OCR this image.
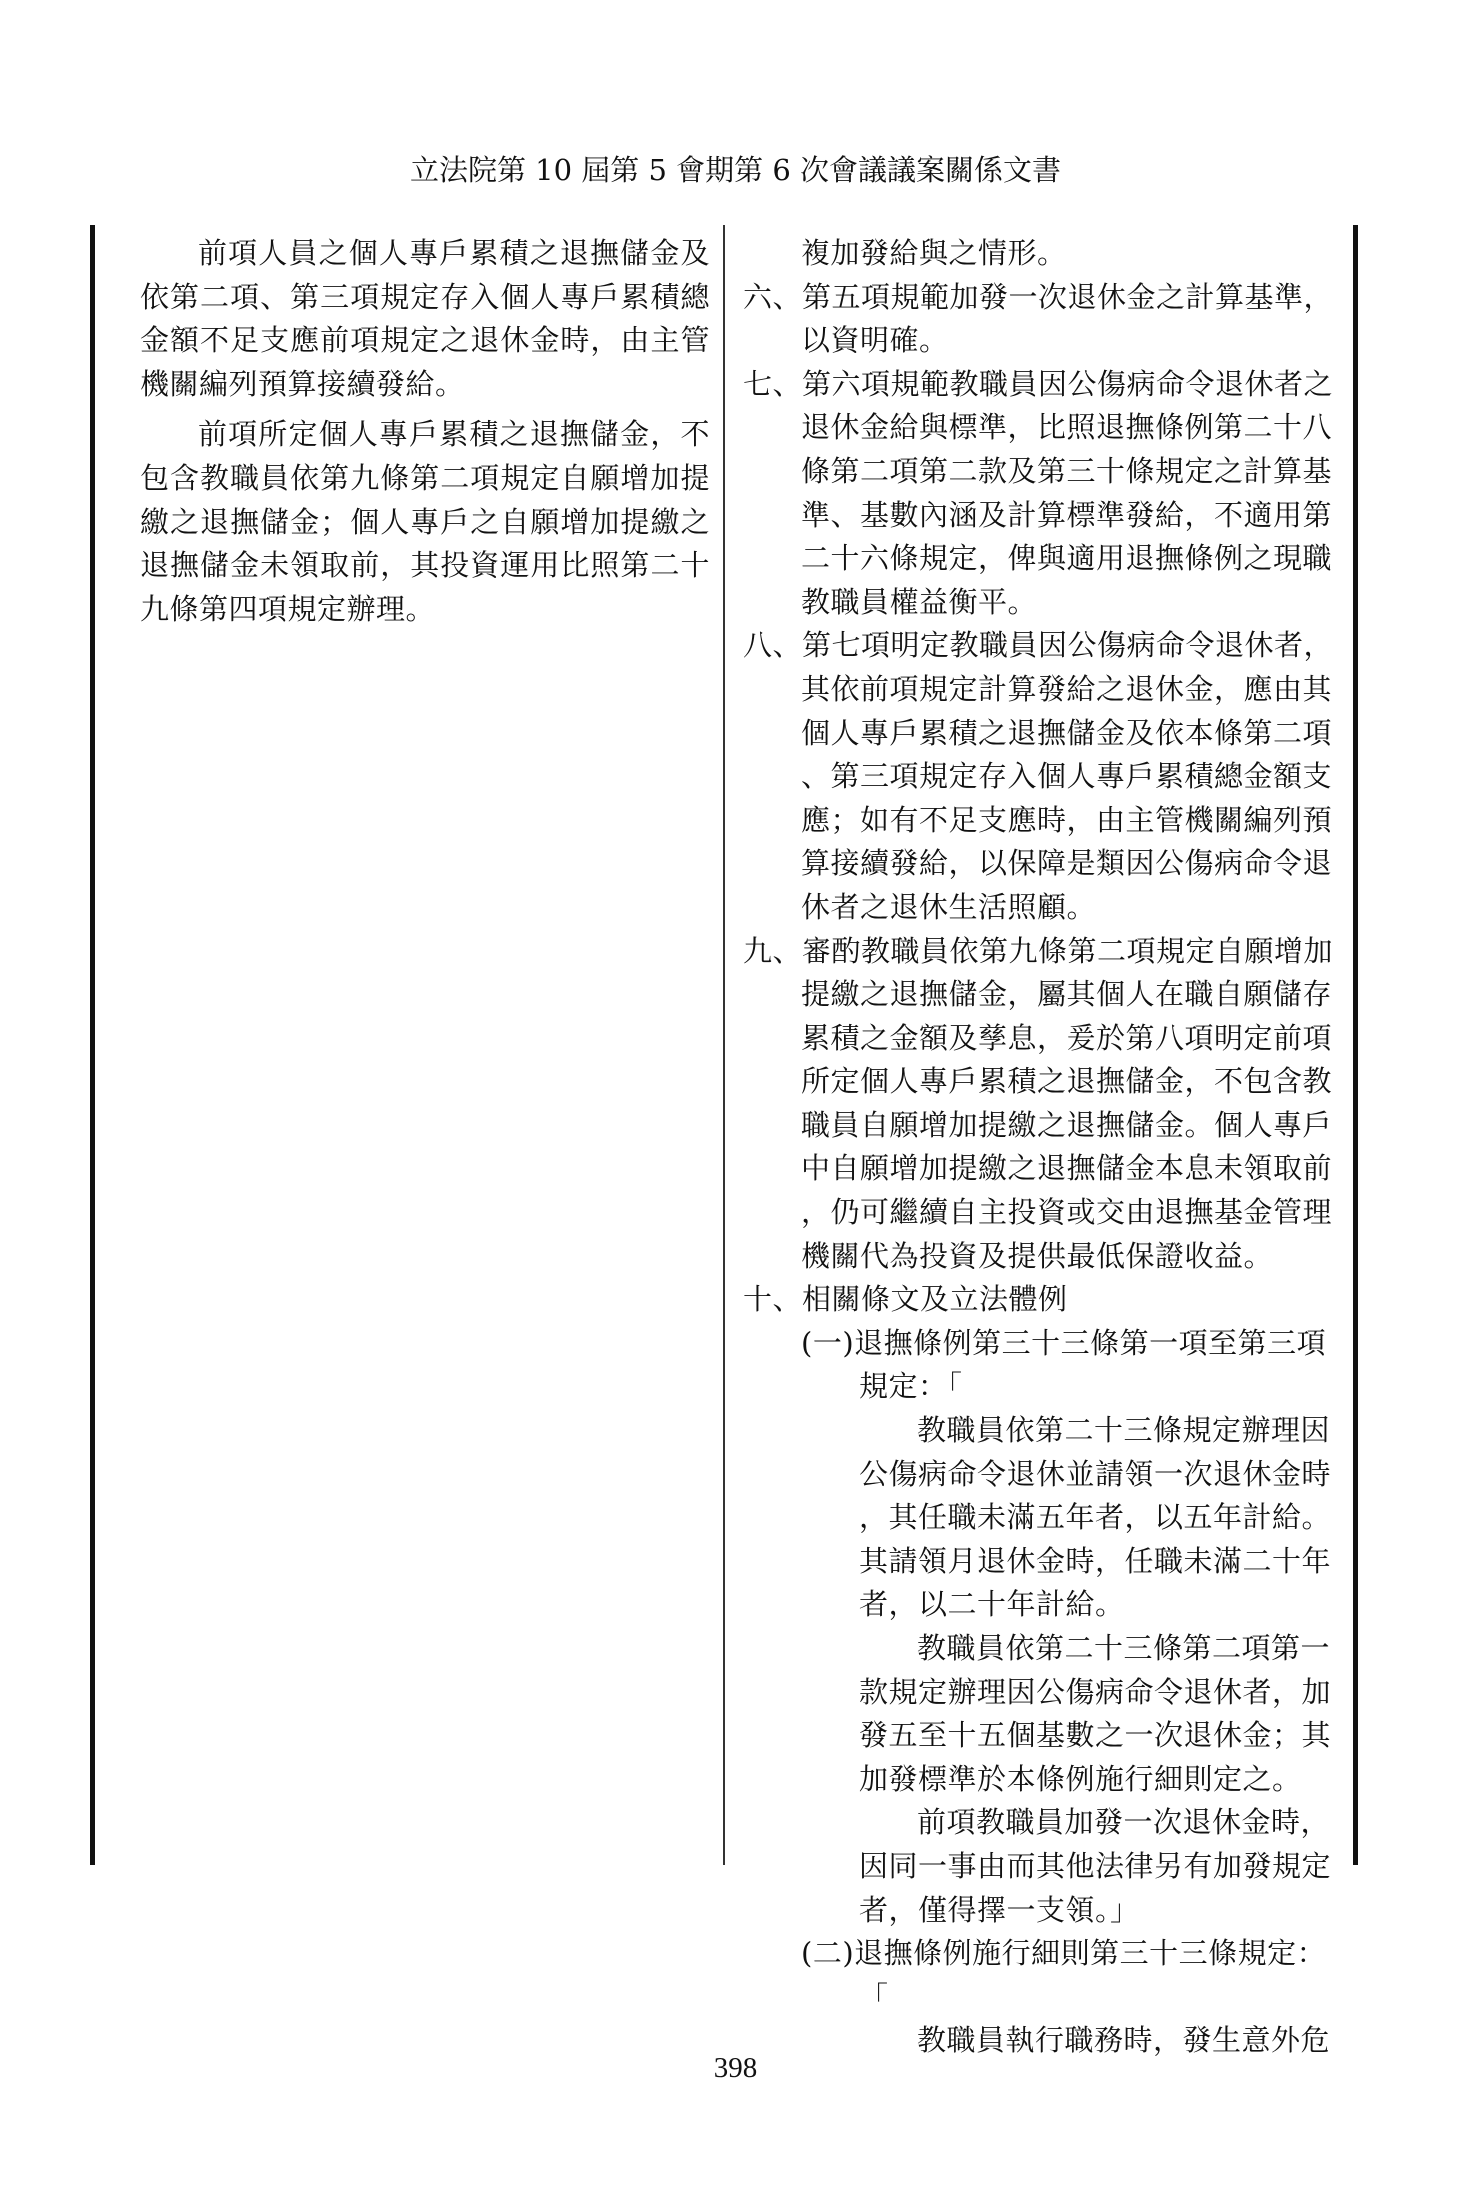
立法院第 10 屆第 5 會期第 6 次會議議案關係文書

前項人員之個人專戶累積之退撫儲金及依第二項、第三項規定存入個人專戶累積總金額不足支應前項規定之退休金時，由主管機關編列預算接續發給。

前項所定個人專戶累積之退撫儲金，不包含教職員依第九條第二項規定自願增加提繳之退撫儲金；個人專戶之自願增加提繳之退撫儲金未領取前，其投資運用比照第二十九條第四項規定辦理。

複加發給與之情形。
六、第五項規範加發一次退休金之計算基準，
以資明確。
七、第六項規範教職員因公傷病命令退休者之
退休金給與標準，比照退撫條例第二十八
條第二項第二款及第三十條規定之計算基
準、基數內涵及計算標準發給，不適用第
二十六條規定，俾與適用退撫條例之現職
教職員權益衡平。
八、第七項明定教職員因公傷病命令退休者，
其依前項規定計算發給之退休金，應由其
個人專戶累積之退撫儲金及依本條第二項
、第三項規定存入個人專戶累積總金額支
應；如有不足支應時，由主管機關編列預
算接續發給，以保障是類因公傷病命令退
休者之退休生活照顧。
九、審酌教職員依第九條第二項規定自願增加
提繳之退撫儲金，屬其個人在職自願儲存
累積之金額及孳息，爰於第八項明定前項
所定個人專戶累積之退撫儲金，不包含教
職員自願增加提繳之退撫儲金。個人專戶
中自願增加提繳之退撫儲金本息未領取前
，仍可繼續自主投資或交由退撫基金管理
機關代為投資及提供最低保證收益。
十、相關條文及立法體例
(一)退撫條例第三十三條第一項至第三項
規定：「
教職員依第二十三條規定辦理因
公傷病命令退休並請領一次退休金時
，其任職未滿五年者，以五年計給。
其請領月退休金時，任職未滿二十年
者，以二十年計給。
教職員依第二十三條第二項第一
款規定辦理因公傷病命令退休者，加
發五至十五個基數之一次退休金；其
加發標準於本條例施行細則定之。
前項教職員加發一次退休金時，
因同一事由而其他法律另有加發規定
者，僅得擇一支領。」
(二)退撫條例施行細則第三十三條規定：
「
教職員執行職務時，發生意外危
398
